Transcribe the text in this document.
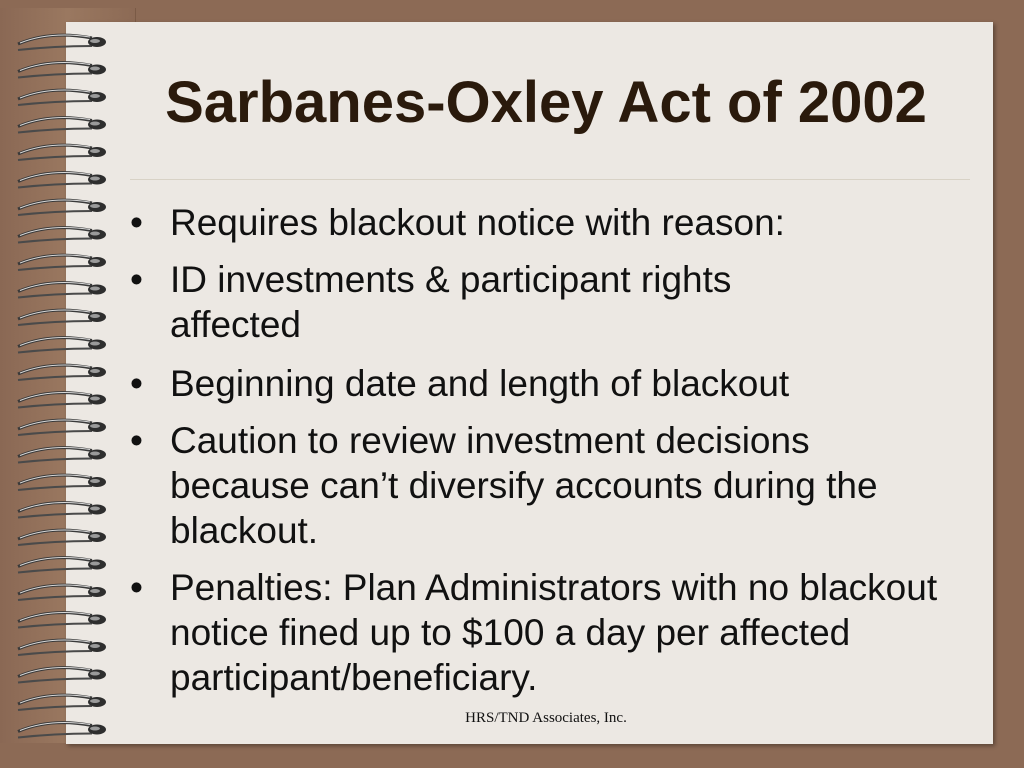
Sarbanes-Oxley Act of 2002
• Requires blackout notice with reason:
• ID investments & participant rights affected
• Beginning date and length of blackout
• Caution to review investment decisions because can’t diversify accounts during the blackout.
• Penalties: Plan Administrators with no blackout notice fined up to $100 a day per affected participant/beneficiary.
HRS/TND Associates, Inc.
